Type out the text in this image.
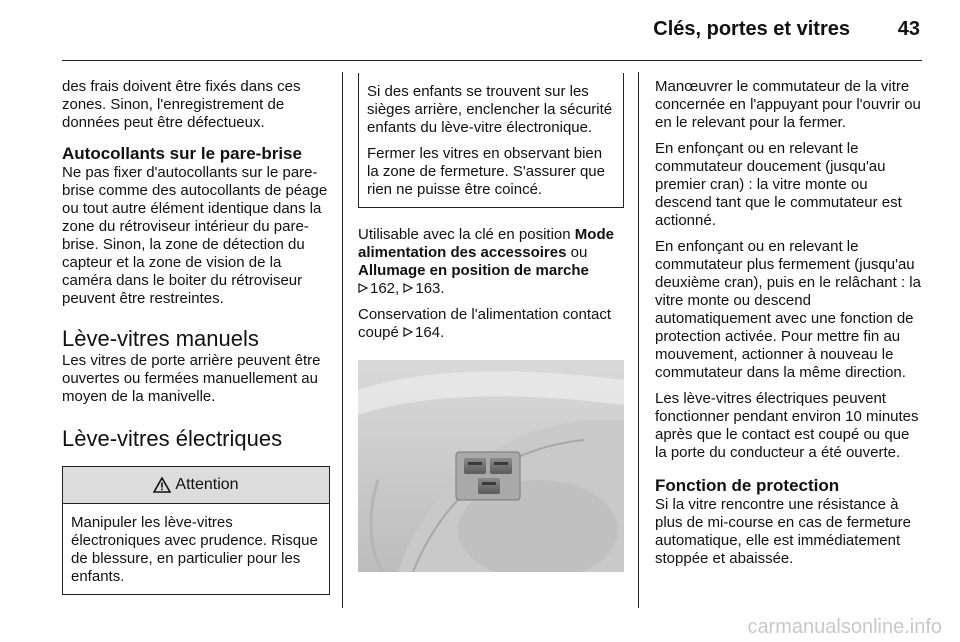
Clés, portes et vitres	43

des frais doivent être fixés dans ces zones. Sinon, l'enregistrement de données peut être défectueux.

Autocollants sur le pare-brise

Ne pas fixer d'autocollants sur le pare-brise comme des autocollants de péage ou tout autre élément identique dans la zone du rétroviseur intérieur du pare-brise. Sinon, la zone de détection du capteur et la zone de vision de la caméra dans le boiter du rétroviseur peuvent être restreintes.

Lève-vitres manuels

Les vitres de porte arrière peuvent être ouvertes ou fermées manuellement au moyen de la manivelle.

Lève-vitres électriques
Attention

Manipuler les lève-vitres électroniques avec prudence. Risque de blessure, en particulier pour les enfants.

Si des enfants se trouvent sur les sièges arrière, enclencher la sécurité enfants du lève-vitre électronique.

Fermer les vitres en observant bien la zone de fermeture. S'assurer que rien ne puisse être coincé.

Utilisable avec la clé en position Mode alimentation des accessoires ou Allumage en position de marche
162, 163.

Conservation de l'alimentation contact coupé 164.

Manœuvrer le commutateur de la vitre concernée en l'appuyant pour l'ouvrir ou en le relevant pour la fermer.

En enfonçant ou en relevant le commutateur doucement (jusqu'au premier cran) : la vitre monte ou descend tant que le commutateur est actionné.

En enfonçant ou en relevant le commutateur plus fermement (jusqu'au deuxième cran), puis en le relâchant : la vitre monte ou descend automatiquement avec une fonction de protection activée. Pour mettre fin au mouvement, actionner à nouveau le commutateur dans la même direction.

Les lève-vitres électriques peuvent fonctionner pendant environ 10 minutes après que le contact est coupé ou que la porte du conducteur a été ouverte.

Fonction de protection

Si la vitre rencontre une résistance à plus de mi-course en cas de fermeture automatique, elle est immédiatement stoppée et abaissée.

carmanualsonline.info
